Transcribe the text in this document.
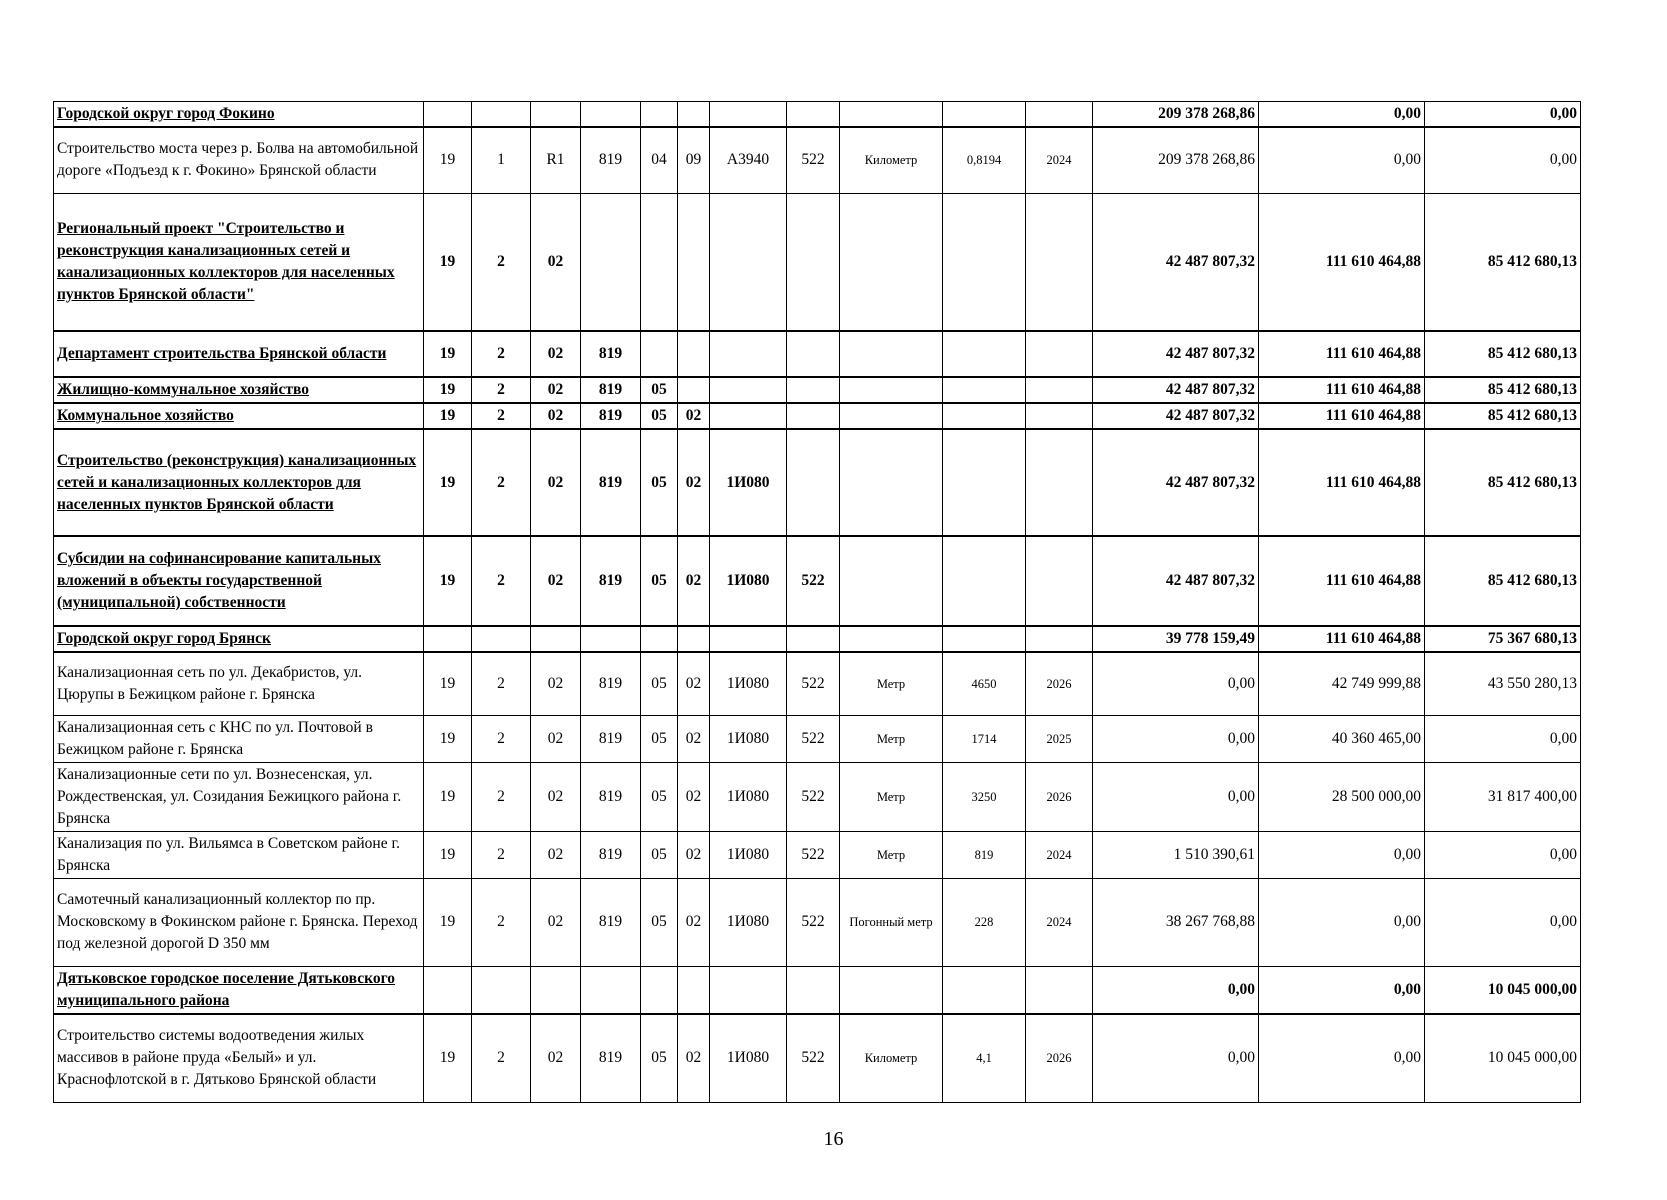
Городской округ город Фокино												209 378 268,86	0,00	0,00
Строительство моста через р. Болва на автомобильной дороге «Подъезд к г. Фокино» Брянской области	19	1	R1	819	04	09	А3940	522	Километр	0,8194	2024	209 378 268,86	0,00	0,00
Региональный проект "Строительство и реконструкция канализационных сетей и канализационных коллекторов для населенных пунктов Брянской области"	19	2	02									42 487 807,32	111 610 464,88	85 412 680,13
Департамент строительства Брянской области	19	2	02	819								42 487 807,32	111 610 464,88	85 412 680,13
Жилищно-коммунальное хозяйство	19	2	02	819	05							42 487 807,32	111 610 464,88	85 412 680,13
Коммунальное хозяйство	19	2	02	819	05	02						42 487 807,32	111 610 464,88	85 412 680,13
Строительство (реконструкция) канализационных сетей и канализационных коллекторов для населенных пунктов Брянской области	19	2	02	819	05	02	1И080					42 487 807,32	111 610 464,88	85 412 680,13
Субсидии на софинансирование капитальных вложений в объекты государственной (муниципальной) собственности	19	2	02	819	05	02	1И080	522				42 487 807,32	111 610 464,88	85 412 680,13
Городской округ город Брянск												39 778 159,49	111 610 464,88	75 367 680,13
Канализационная сеть по ул. Декабристов, ул. Цюрупы в Бежицком районе г. Брянска	19	2	02	819	05	02	1И080	522	Метр	4650	2026	0,00	42 749 999,88	43 550 280,13
Канализационная сеть с КНС по ул. Почтовой в Бежицком районе г. Брянска	19	2	02	819	05	02	1И080	522	Метр	1714	2025	0,00	40 360 465,00	0,00
Канализационные сети по ул. Вознесенская, ул. Рождественская, ул. Созидания Бежицкого района г. Брянска	19	2	02	819	05	02	1И080	522	Метр	3250	2026	0,00	28 500 000,00	31 817 400,00
Канализация по ул. Вильямса в Советском районе г. Брянска	19	2	02	819	05	02	1И080	522	Метр	819	2024	1 510 390,61	0,00	0,00
Самотечный канализационный коллектор по пр. Московскому в Фокинском районе г. Брянска. Переход под железной дорогой D 350 мм	19	2	02	819	05	02	1И080	522	Погонный метр	228	2024	38 267 768,88	0,00	0,00
Дятьковское городское поселение Дятьковского муниципального района												0,00	0,00	10 045 000,00
Строительство системы водоотведения жилых массивов в районе пруда «Белый» и ул. Краснофлотской в г. Дятьково Брянской области	19	2	02	819	05	02	1И080	522	Километр	4,1	2026	0,00	0,00	10 045 000,00
16
